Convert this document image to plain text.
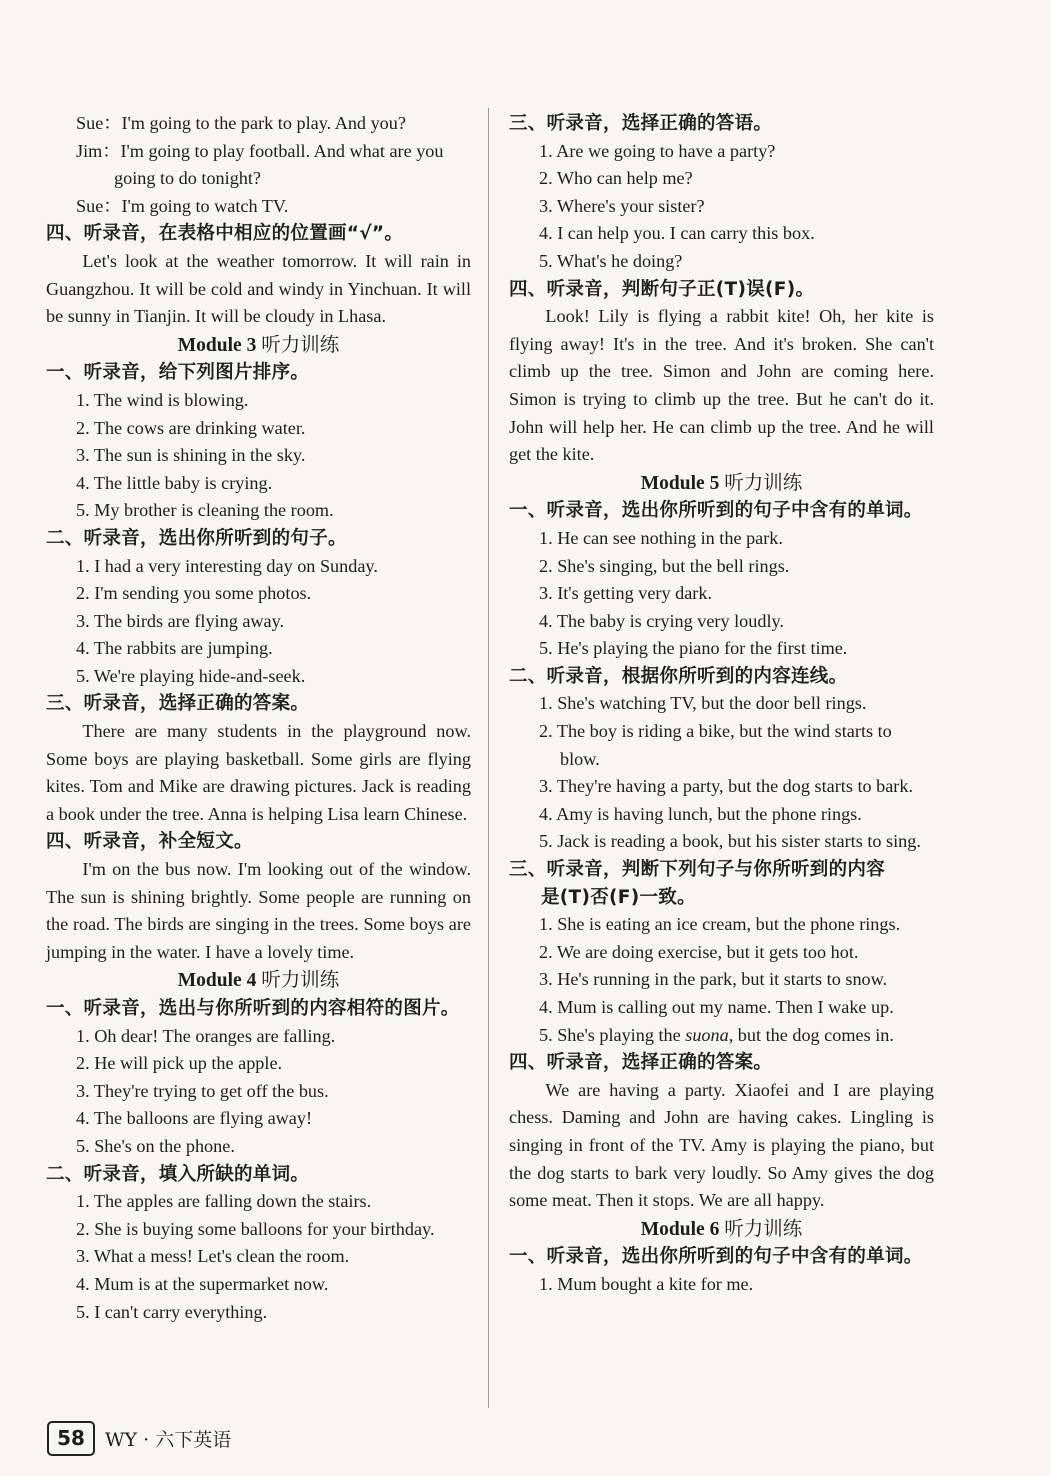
Sue：I'm going to the park to play. And you?
Jim：I'm going to play football. And what are you going to do tonight?
Sue：I'm going to watch TV.
四、听录音，在表格中相应的位置画“√”。
Let's look at the weather tomorrow. It will rain in Guangzhou. It will be cold and windy in Yinchuan. It will be sunny in Tianjin. It will be cloudy in Lhasa.
Module 3 听力训练
一、听录音，给下列图片排序。
1. The wind is blowing.
2. The cows are drinking water.
3. The sun is shining in the sky.
4. The little baby is crying.
5. My brother is cleaning the room.
二、听录音，选出你所听到的句子。
1. I had a very interesting day on Sunday.
2. I'm sending you some photos.
3. The birds are flying away.
4. The rabbits are jumping.
5. We're playing hide-and-seek.
三、听录音，选择正确的答案。
There are many students in the playground now. Some boys are playing basketball. Some girls are flying kites. Tom and Mike are drawing pictures. Jack is reading a book under the tree. Anna is helping Lisa learn Chinese.
四、听录音，补全短文。
I'm on the bus now. I'm looking out of the window. The sun is shining brightly. Some people are running on the road. The birds are singing in the trees. Some boys are jumping in the water. I have a lovely time.
Module 4 听力训练
一、听录音，选出与你所听到的内容相符的图片。
1. Oh dear! The oranges are falling.
2. He will pick up the apple.
3. They're trying to get off the bus.
4. The balloons are flying away!
5. She's on the phone.
二、听录音，填入所缺的单词。
1. The apples are falling down the stairs.
2. She is buying some balloons for your birthday.
3. What a mess! Let's clean the room.
4. Mum is at the supermarket now.
5. I can't carry everything.
三、听录音，选择正确的答语。
1. Are we going to have a party?
2. Who can help me?
3. Where's your sister?
4. I can help you. I can carry this box.
5. What's he doing?
四、听录音，判断句子正(T)误(F)。
Look! Lily is flying a rabbit kite! Oh, her kite is flying away! It's in the tree. And it's broken. She can't climb up the tree. Simon and John are coming here. Simon is trying to climb up the tree. But he can't do it. John will help her. He can climb up the tree. And he will get the kite.
Module 5 听力训练
一、听录音，选出你所听到的句子中含有的单词。
1. He can see nothing in the park.
2. She's singing, but the bell rings.
3. It's getting very dark.
4. The baby is crying very loudly.
5. He's playing the piano for the first time.
二、听录音，根据你所听到的内容连线。
1. She's watching TV, but the door bell rings.
2. The boy is riding a bike, but the wind starts to blow.
3. They're having a party, but the dog starts to bark.
4. Amy is having lunch, but the phone rings.
5. Jack is reading a book, but his sister starts to sing.
三、听录音，判断下列句子与你所听到的内容
是(T)否(F)一致。
1. She is eating an ice cream, but the phone rings.
2. We are doing exercise, but it gets too hot.
3. He's running in the park, but it starts to snow.
4. Mum is calling out my name. Then I wake up.
5. She's playing the suona, but the dog comes in.
四、听录音，选择正确的答案。
We are having a party. Xiaofei and I are playing chess. Daming and John are having cakes. Lingling is singing in front of the TV. Amy is playing the piano, but the dog starts to bark very loudly. So Amy gives the dog some meat. Then it stops. We are all happy.
Module 6 听力训练
一、听录音，选出你所听到的句子中含有的单词。
1. Mum bought a kite for me.
58	WY · 六下英语
